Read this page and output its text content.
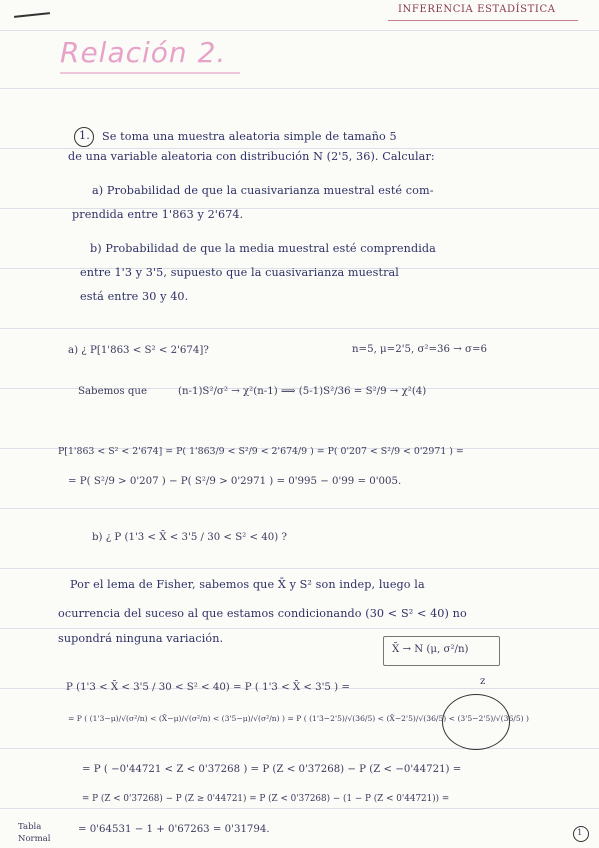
INFERENCIA ESTADÍSTICA
Relación 2.
1. Se toma una muestra aleatoria simple de tamaño 5
de una variable aleatoria con distribución N (2'5, 36). Calcular:
a) Probabilidad de que la cuasivarianza muestral esté com-
prendida entre 1'863 y 2'674.
b) Probabilidad de que la media muestral esté comprendida
entre 1'3 y 3'5, supuesto que la cuasivarianza muestral
está entre 30 y 40.
a) ¿ P[1'863 < S² < 2'674]?	n=5, μ=2'5, σ²=36 → σ=6
Sabemos que	(n-1)S²/σ² → χ²(n-1) ⟹ (5-1)S²/36 = S²/9 → χ²(4)
P[1'863 < S² < 2'674] = P( 1'863/9 < S²/9 < 2'674/9 ) = P( 0'207 < S²/9 < 0'2971 ) =
= P( S²/9 > 0'207 ) − P( S²/9 > 0'2971 ) = 0'995 − 0'99 = 0'005.
b) ¿ P (1'3 < X̄ < 3'5 / 30 < S² < 40) ?
Por el lema de Fisher, sabemos que X̄ y S² son indep, luego la
ocurrencia del suceso al que estamos condicionando (30 < S² < 40) no
supondrá ninguna variación.
X̄ → N (μ, σ²/n)
z
P (1'3 < X̄ < 3'5 / 30 < S² < 40) = P ( 1'3 < X̄ < 3'5 ) =
= P ( (1'3−μ)/√(σ²/n) < (X̄−μ)/√(σ²/n) < (3'5−μ)/√(σ²/n) ) = P ( (1'3−2'5)/√(36/5) < (X̄−2'5)/√(36/5) < (3'5−2'5)/√(36/5) )
= P ( −0'44721 < Z < 0'37268 ) = P (Z < 0'37268) − P (Z < −0'44721) =
= P (Z < 0'37268) − P (Z ≥ 0'44721) = P (Z < 0'37268) − (1 − P (Z < 0'44721)) =
= 0'64531 − 1 + 0'67263 = 0'31794.
Tabla
Normal
1
